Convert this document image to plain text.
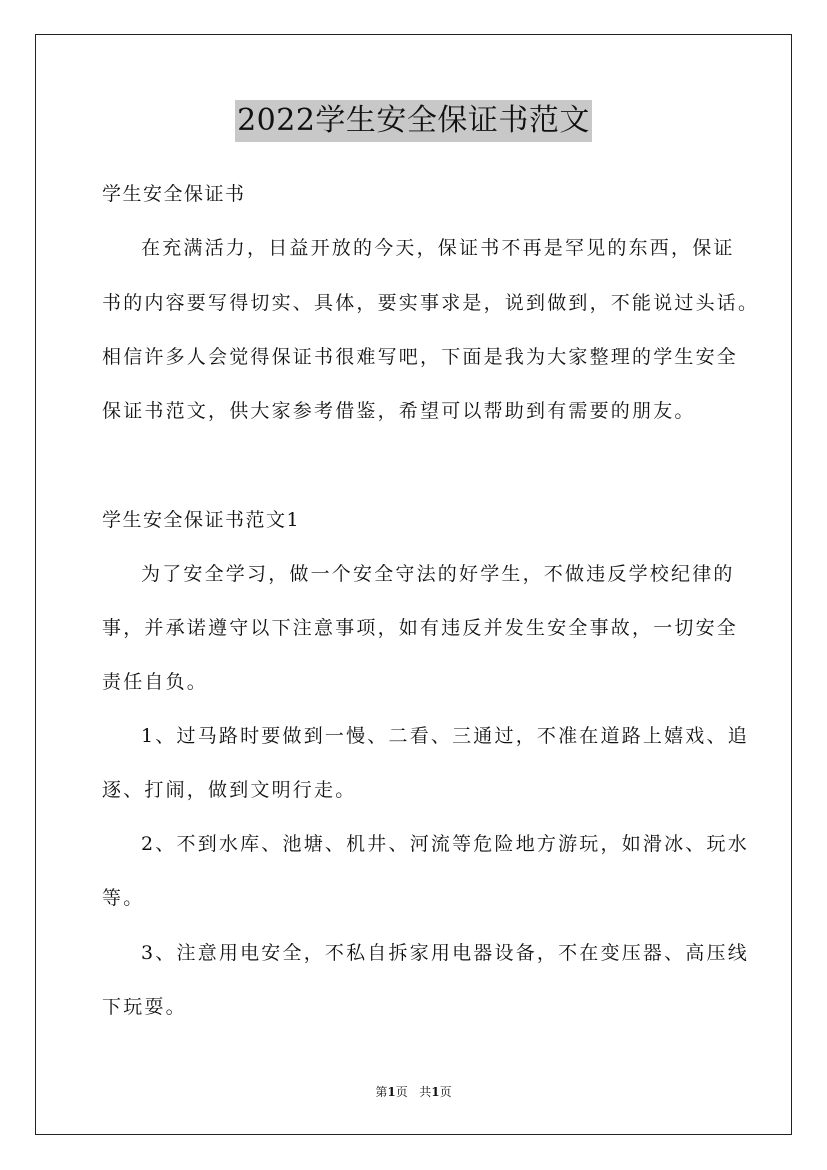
2022学生安全保证书范文
学生安全保证书
在充满活力，日益开放的今天，保证书不再是罕见的东西，保证
书的内容要写得切实、具体，要实事求是，说到做到，不能说过头话。
相信许多人会觉得保证书很难写吧，下面是我为大家整理的学生安全
保证书范文，供大家参考借鉴，希望可以帮助到有需要的朋友。
学生安全保证书范文1
为了安全学习，做一个安全守法的好学生，不做违反学校纪律的
事，并承诺遵守以下注意事项，如有违反并发生安全事故，一切安全
责任自负。
1、过马路时要做到一慢、二看、三通过，不准在道路上嬉戏、追
逐、打闹，做到文明行走。
2、不到水库、池塘、机井、河流等危险地方游玩，如滑冰、玩水
等。
3、注意用电安全，不私自拆家用电器设备，不在变压器、高压线
下玩耍。
第1页 共1页
